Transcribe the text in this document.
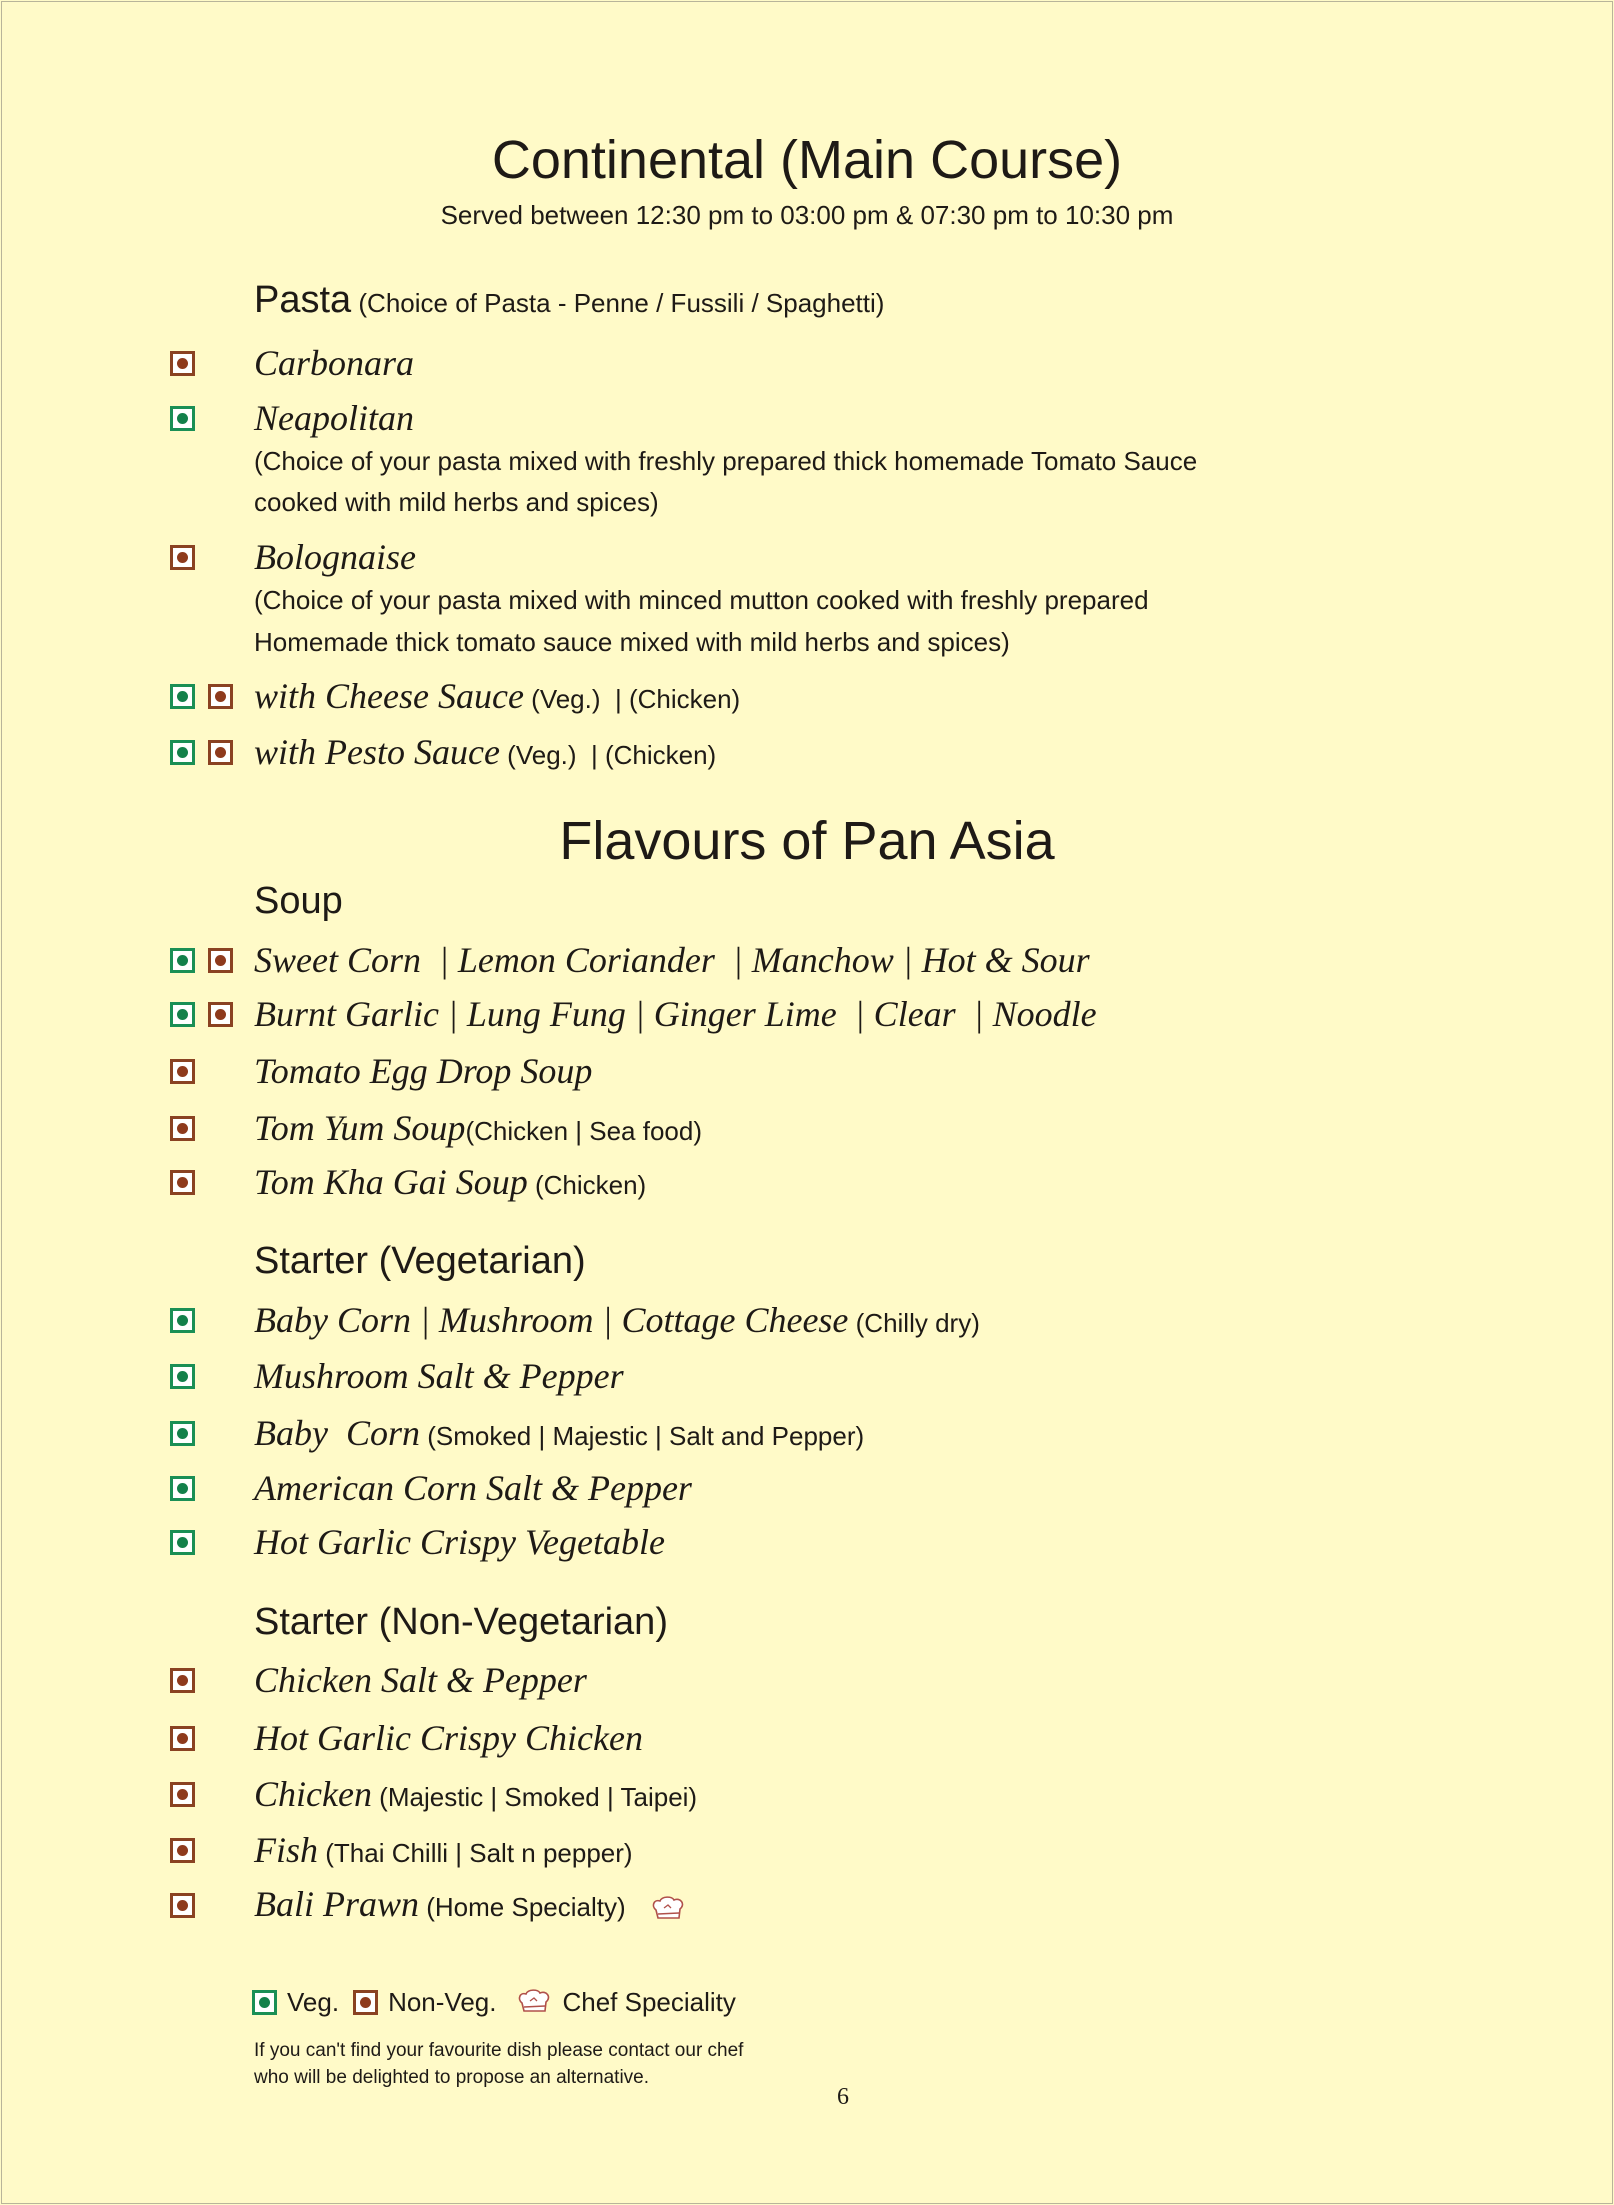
Continental (Main Course)
Served between 12:30 pm to 03:00 pm & 07:30 pm to 10:30 pm
Pasta (Choice of Pasta - Penne / Fussili / Spaghetti)
Carbonara
Neapolitan
(Choice of your pasta mixed with freshly prepared thick homemade Tomato Sauce
cooked with mild herbs and spices)
Bolognaise
(Choice of your pasta mixed with minced mutton cooked with freshly prepared
Homemade thick tomato sauce mixed with mild herbs and spices)
with Cheese Sauce (Veg.)  | (Chicken)
with Pesto Sauce (Veg.)  | (Chicken)
Flavours of Pan Asia
Soup
Sweet Corn  | Lemon Coriander  | Manchow | Hot & Sour
Burnt Garlic | Lung Fung | Ginger Lime  | Clear  | Noodle
Tomato Egg Drop Soup
Tom Yum Soup(Chicken | Sea food)
Tom Kha Gai Soup (Chicken)
Starter (Vegetarian)
Baby Corn | Mushroom | Cottage Cheese (Chilly dry)
Mushroom Salt & Pepper
Baby  Corn (Smoked | Majestic | Salt and Pepper)
American Corn Salt & Pepper
Hot Garlic Crispy Vegetable
Starter (Non-Vegetarian)
Chicken Salt & Pepper
Hot Garlic Crispy Chicken
Chicken (Majestic | Smoked | Taipei)
Fish (Thai Chilli | Salt n pepper)
Bali Prawn (Home Specialty)
Veg. Non-Veg.	Chef Speciality
If you can't find your favourite dish please contact our chef
who will be delighted to propose an alternative.
6
